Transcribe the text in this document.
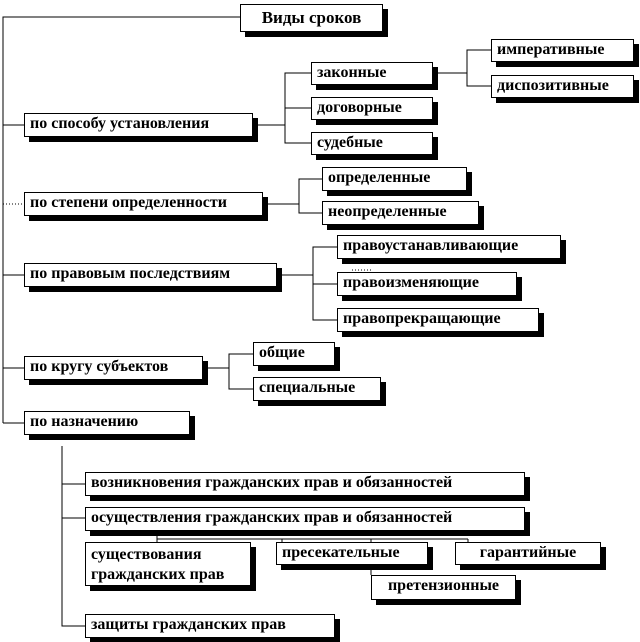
Виды сроков
по способу установления
законные
договорные
судебные
императивные
диспозитивные
по степени определенности
определенные
неопределенные
по правовым последствиям
правоустанавливающие
правоизменяющие
правопрекращающие
по кругу субъектов
общие
специальные
по назначению
возникновения гражданских прав и обязанностей
осуществления гражданских прав и обязанностей
существования гражданских прав
пресекательные	гарантийные
претензионные
защиты гражданских прав
